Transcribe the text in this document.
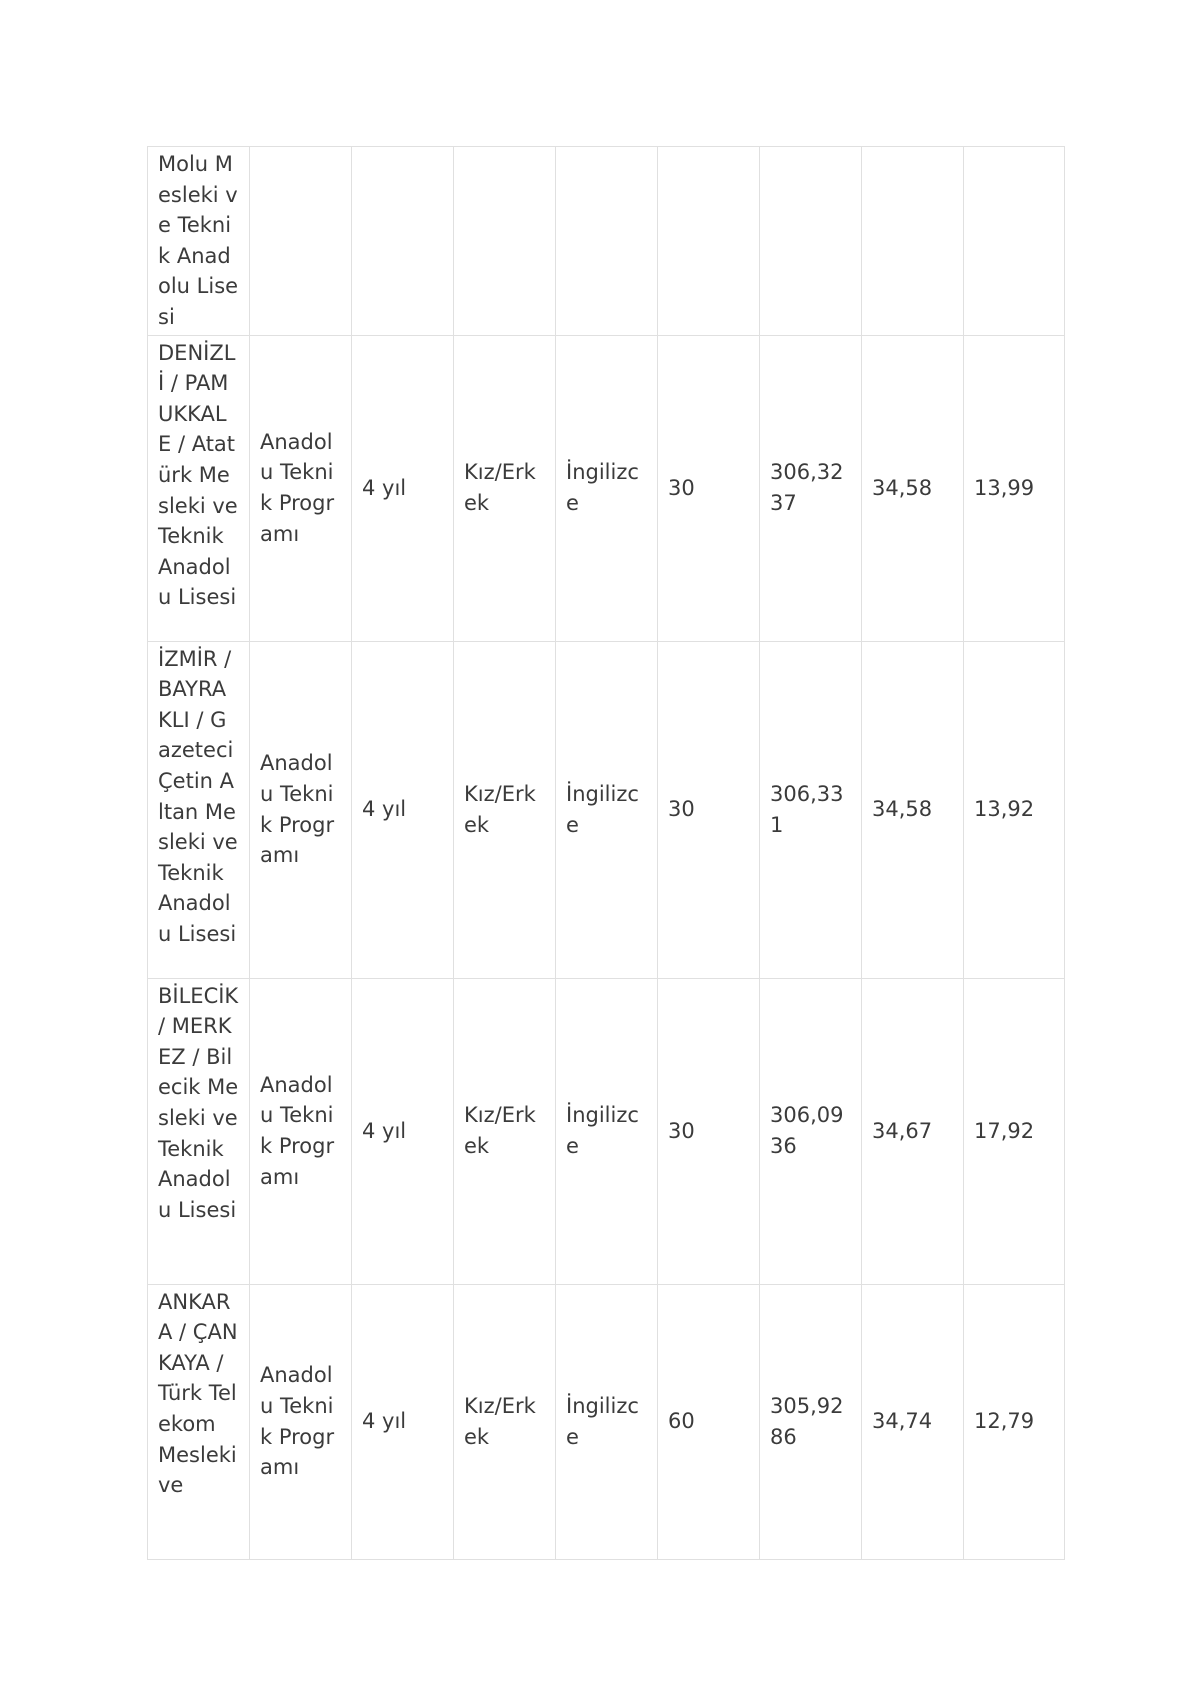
Molu Mesleki ve Teknik Anadolu Lisesi								
DENİZLİ / PAMUKKALE / Atatürk Mesleki ve Teknik Anadolu Lisesi	Anadolu Teknik Programı	4 yıl	Kız/Erkek	İngilizce	30	306,3237	34,58	13,99
İZMİR / BAYRAKLI / Gazeteci Çetin Altan Mesleki ve Teknik Anadolu Lisesi	Anadolu Teknik Programı	4 yıl	Kız/Erkek	İngilizce	30	306,331	34,58	13,92
BİLECİK / MERKEZ / Bilecik Mesleki ve Teknik Anadolu Lisesi	Anadolu Teknik Programı	4 yıl	Kız/Erkek	İngilizce	30	306,0936	34,67	17,92
ANKARA / ÇANKAYA / Türk Telekom Mesleki ve	Anadolu Teknik Programı	4 yıl	Kız/Erkek	İngilizce	60	305,9286	34,74	12,79
